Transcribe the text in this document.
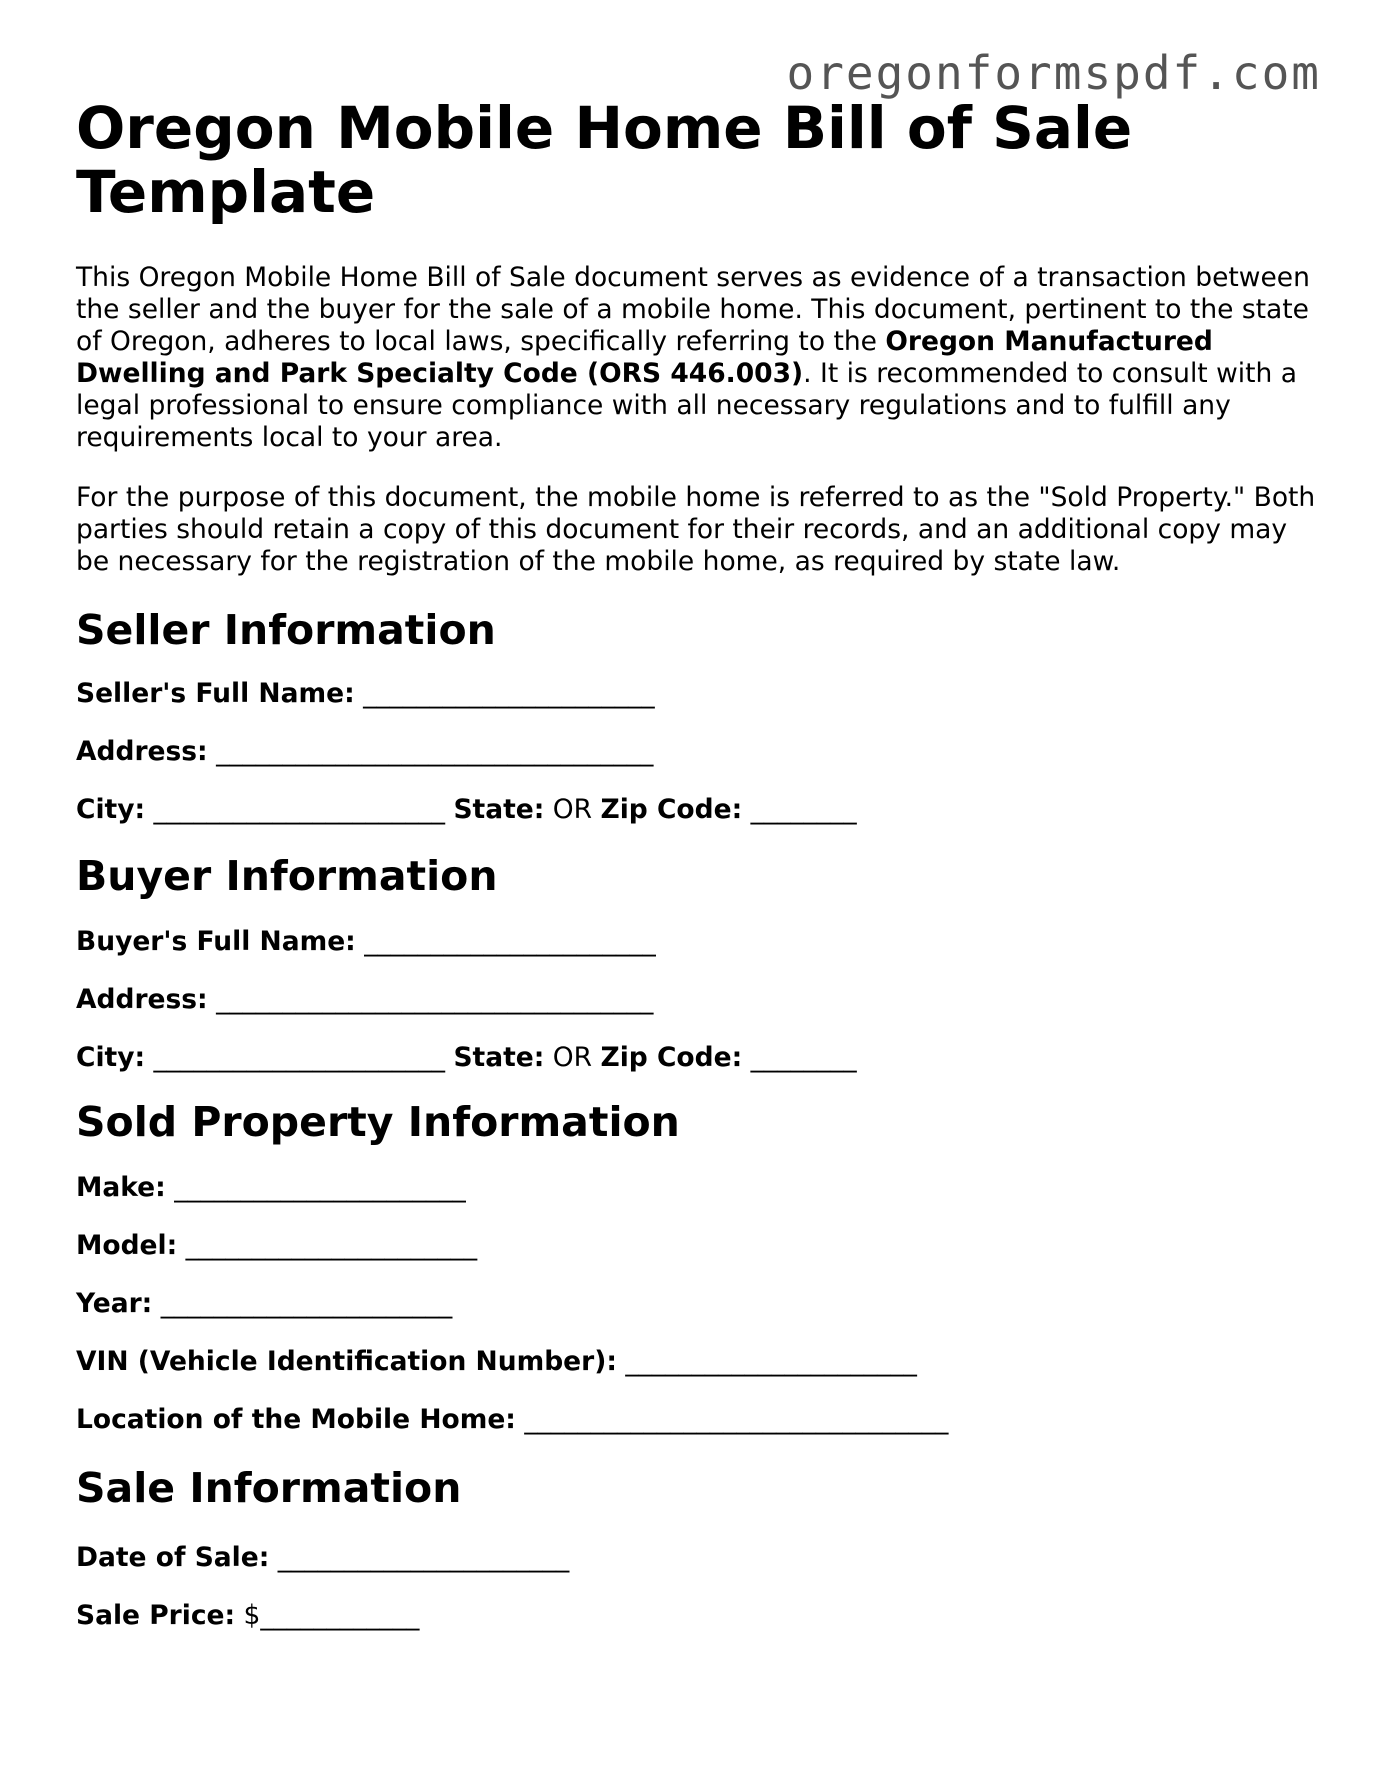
oregonformspdf.com
Oregon Mobile Home Bill of Sale Template

This Oregon Mobile Home Bill of Sale document serves as evidence of a transaction between the seller and the buyer for the sale of a mobile home. This document, pertinent to the state of Oregon, adheres to local laws, specifically referring to the Oregon Manufactured Dwelling and Park Specialty Code (ORS 446.003). It is recommended to consult with a legal professional to ensure compliance with all necessary regulations and to fulfill any requirements local to your area.

For the purpose of this document, the mobile home is referred to as the "Sold Property." Both parties should retain a copy of this document for their records, and an additional copy may be necessary for the registration of the mobile home, as required by state law.

Seller Information
Seller's Full Name: ______________________
Address: _________________________________
City: ______________________ State: OR Zip Code: ________
Buyer Information
Buyer's Full Name: ______________________
Address: _________________________________
City: ______________________ State: OR Zip Code: ________
Sold Property Information
Make: ______________________
Model: ______________________
Year: ______________________
VIN (Vehicle Identification Number): ______________________
Location of the Mobile Home: ________________________________
Sale Information
Date of Sale: ______________________
Sale Price: $____________
